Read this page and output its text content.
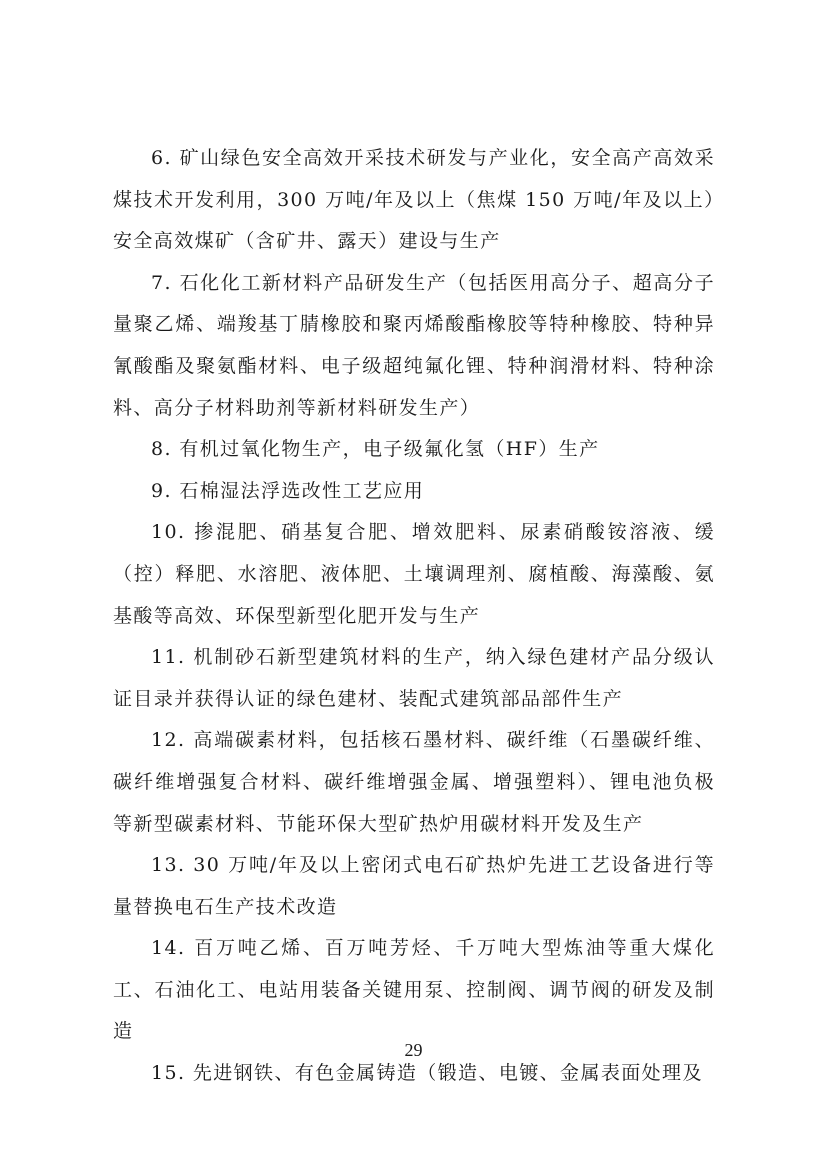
6. 矿山绿色安全高效开采技术研发与产业化，安全高产高效采煤技术开发利用，300 万吨/年及以上（焦煤 150 万吨/年及以上）安全高效煤矿（含矿井、露天）建设与生产

7. 石化化工新材料产品研发生产（包括医用高分子、超高分子量聚乙烯、端羧基丁腈橡胶和聚丙烯酸酯橡胶等特种橡胶、特种异氰酸酯及聚氨酯材料、电子级超纯氟化锂、特种润滑材料、特种涂料、高分子材料助剂等新材料研发生产）

8. 有机过氧化物生产，电子级氟化氢（HF）生产

9. 石棉湿法浮选改性工艺应用

10. 掺混肥、硝基复合肥、增效肥料、尿素硝酸铵溶液、缓（控）释肥、水溶肥、液体肥、土壤调理剂、腐植酸、海藻酸、氨基酸等高效、环保型新型化肥开发与生产

11. 机制砂石新型建筑材料的生产，纳入绿色建材产品分级认证目录并获得认证的绿色建材、装配式建筑部品部件生产

12. 高端碳素材料，包括核石墨材料、碳纤维（石墨碳纤维、碳纤维增强复合材料、碳纤维增强金属、增强塑料）、锂电池负极等新型碳素材料、节能环保大型矿热炉用碳材料开发及生产

13. 30 万吨/年及以上密闭式电石矿热炉先进工艺设备进行等量替换电石生产技术改造

14. 百万吨乙烯、百万吨芳烃、千万吨大型炼油等重大煤化工、石油化工、电站用装备关键用泵、控制阀、调节阀的研发及制造

15. 先进钢铁、有色金属铸造（锻造、电镀、金属表面处理及

29
